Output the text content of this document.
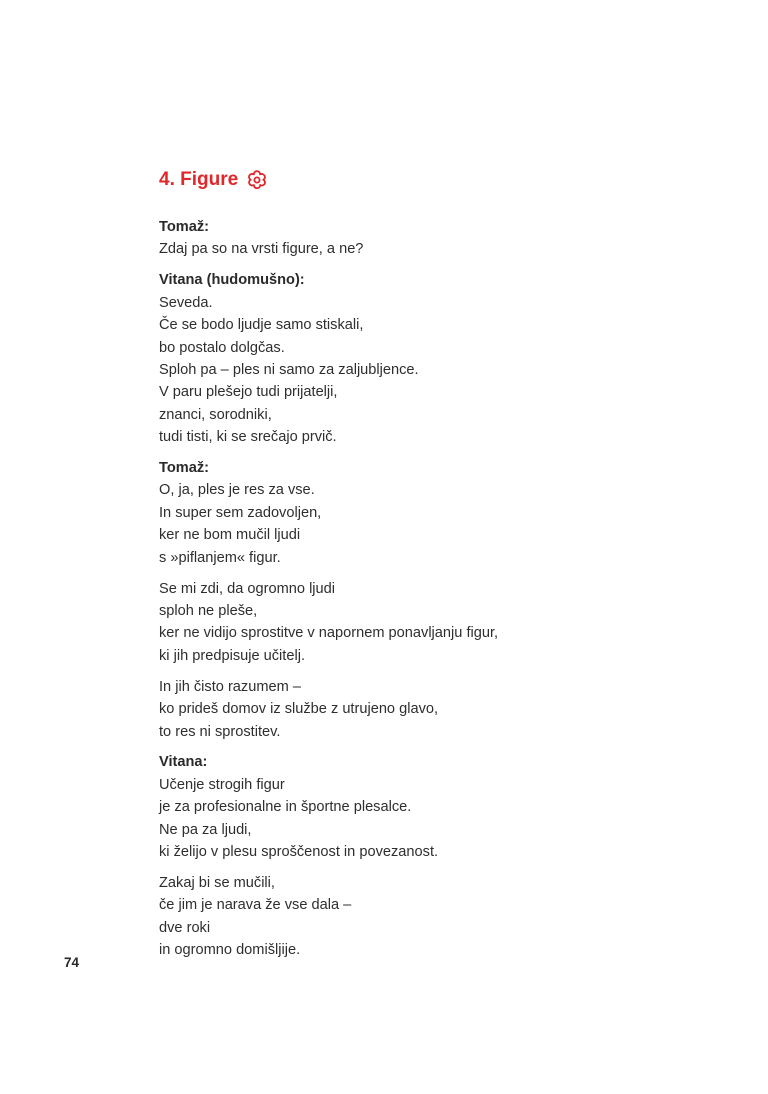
4. Figure
Tomaž:
Zdaj pa so na vrsti figure, a ne?
Vitana (hudomušno):
Seveda.
Če se bodo ljudje samo stiskali,
bo postalo dolgčas.
Sploh pa – ples ni samo za zaljubljence.
V paru plešejo tudi prijatelji,
znanci, sorodniki,
tudi tisti, ki se srečajo prvič.
Tomaž:
O, ja, ples je res za vse.
In super sem zadovoljen,
ker ne bom mučil ljudi
s »piflanjem« figur.
Se mi zdi, da ogromno ljudi
sploh ne pleše,
ker ne vidijo sprostitve v napornem ponavljanju figur,
ki jih predpisuje učitelj.
In jih čisto razumem –
ko prideš domov iz službe z utrujeno glavo,
to res ni sprostitev.
Vitana:
Učenje strogih figur
je za profesionalne in športne plesalce.
Ne pa za ljudi,
ki želijo v plesu sproščenost in povezanost.
Zakaj bi se mučili,
če jim je narava že vse dala –
dve roki
in ogromno domišljije.
74
